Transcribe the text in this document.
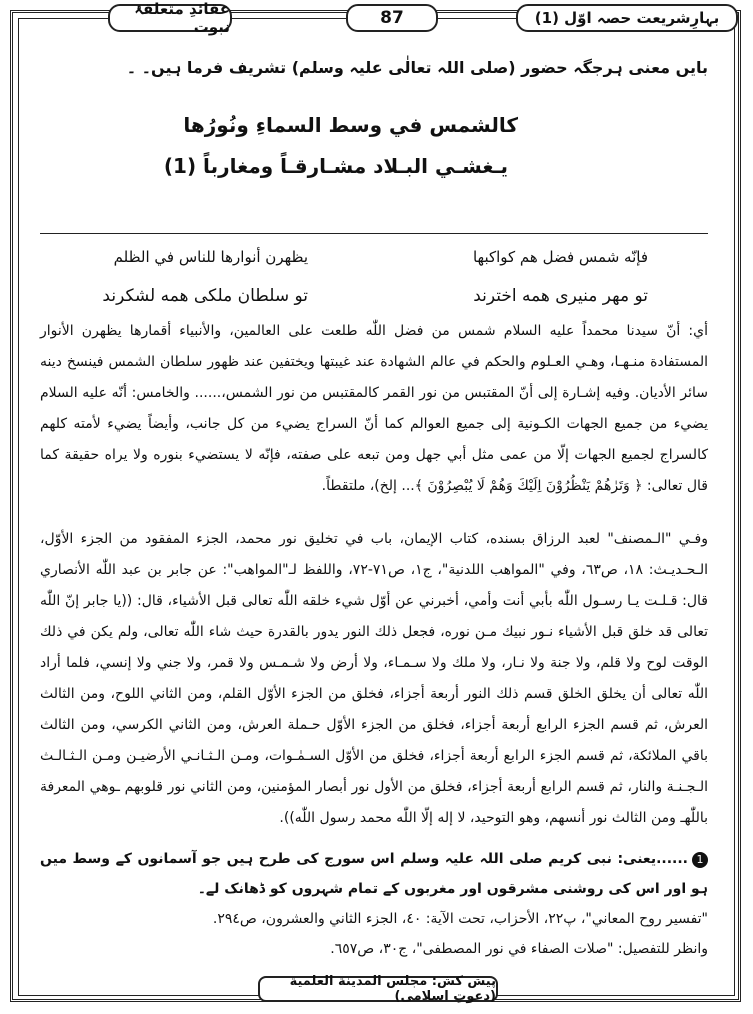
عقائدِ متعلقۂ نبوت	87	بہارِشریعت حصہ اوّل (1)
بایں معنی ہرجگہ حضور (صلی اللہ تعالٰی علیہ وسلم) تشریف فرما ہیں۔ ۔
كالشمس في وسط السماءِ ونُورُها
يـغشـي البـلاد مشـارقـاً ومغارباً (1)
فإنّه شمس فضل هم كواكبها
يظهرن أنوارها للناس في الظلم
تو مهر منیری همه اخترند
تو سلطان ملکی همه لشکرند
أي: أنّ سيدنا محمداً عليه السلام شمس من فضل اللّٰه طلعت على العالمين، والأنبياء أقمارها يظهرن الأنوار المستفادة منـهـا، وهـي العـلوم والحكم في عالم الشهادة عند غيبتها ويختفين عند ظهور سلطان الشمس فينسخ دينه سائر الأديان. وفيه إشـارة إلى أنّ المقتبس من نور القمر كالمقتبس من نور الشمس،...... والخامس: أنّه عليه السلام يضيء من جميع الجهات الكـونية إلى جميع العوالم كما أنّ السراج يضيء من كل جانب، وأيضاً يضيء لأمته كلهم كالسراج لجميع الجهات إلّا من عمى مثل أبي جهل ومن تبعه على صفته، فإنّه لا يستضيء بنوره ولا يراه حقيقة كما قال تعالى: ﴿ وَتَرٰهُمْ يَنْظُرُوْنَ اِلَيْكَ وَهُمْ لَا يُبْصِرُوْنَ ﴾... إلخ)، ملتقطاً.
وفـي "الـمصنف" لعبد الرزاق بسنده، كتاب الإيمان، باب في تخليق نور محمد، الجزء المفقود من الجزء الأوّل، الـحـديـث: ١٨، ص٦٣، وفي "المواهب اللدنية"، ج١، ص٧١-٧٢، واللفظ لـ"المواهب": عن جابر بن عبد اللّٰه الأنصاري قال: قـلـت يـا رسـول اللّٰه بأبي أنت وأمي، أخبرني عن أوّل شيء خلقه اللّٰه تعالى قبل الأشياء، قال: ((يا جابر إنّ اللّٰه تعالى قد خلق قبل الأشياء نـور نبيك مـن نوره، فجعل ذلك النور يدور بالقدرة حيث شاء اللّٰه تعالى، ولم يكن في ذلك الوقت لوح ولا قلم، ولا جنة ولا نـار، ولا ملك ولا سـمـاء، ولا أرض ولا شـمـس ولا قمر، ولا جني ولا إنسي، فلما أراد اللّٰه تعالى أن يخلق الخلق قسم ذلك النور أربعة أجزاء، فخلق من الجزء الأوّل القلم، ومن الثاني اللوح، ومن الثالث العرش، ثم قسم الجزء الرابع أربعة أجزاء، فخلق من الجزء الأوّل حـملة العرش، ومن الثاني الكرسي، ومن الثالث باقي الملائكة، ثم قسم الجزء الرابع أربعة أجزاء، فخلق من الأوّل السـمٰـوات، ومـن الـثـانـي الأرضيـن ومـن الـثـالـث الـجـنـة والنار، ثم قسم الرابع أربعة أجزاء، فخلق من الأول نور أبصار المؤمنين، ومن الثاني نور قلوبهم ـوهي المعرفة باللّٰهـ ومن الثالث نور أنسهم، وهو التوحيد، لا إله إلّا اللّٰه محمد رسول اللّٰه)).
1......یعنی: نبی کریم صلی اللہ علیہ وسلم اس سورج کی طرح ہیں جو آسمانوں کے وسط میں ہو اور اس کی روشنی مشرقوں اور مغربوں کے تمام شہروں کو ڈھانک لے۔
"تفسير روح المعاني"، پ٢٢، الأحزاب، تحت الآية: ٤٠، الجزء الثاني والعشرون، ص٢٩٤.
وانظر للتفصيل: "صلات الصفاء في نور المصطفى"، ج٣٠، ص٦٥٧.
پیش کش: مجلس المدینة العلمیة (دعوتِ اسلامی)
